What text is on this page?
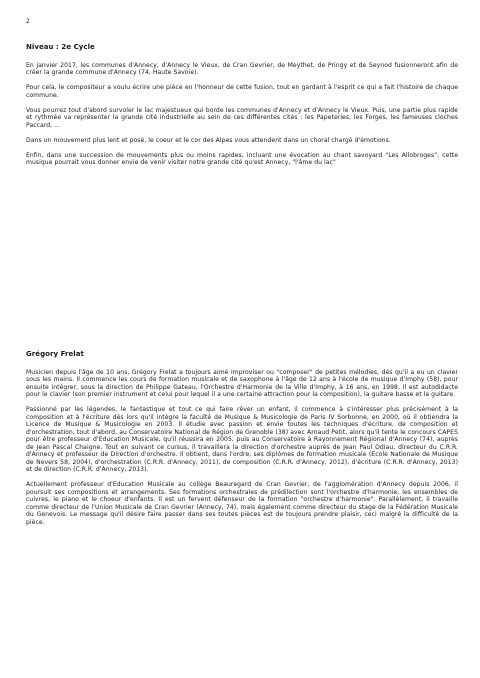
2
Niveau : 2e Cycle

En janvier 2017, les communes d'Annecy, d'Annecy le Vieux, de Cran Gevrier, de Meythet, de Pringy et de Seynod fusionneront afin de créer la grande commune d'Annecy (74, Haute Savoie).

Pour cela, le compositeur a voulu écrire une pièce en l'honneur de cette fusion, tout en gardant à l'esprit ce qui a fait l'histoire de chaque commune.

Vous pourrez tout d'abord survoler le lac majestueux qui borde les communes d'Annecy et d'Annecy le Vieux. Puis, une partie plus rapide et rythmée va représenter la grande cité industrielle au sein de ces différentes cités : les Papeteries, les Forges, les fameuses cloches Paccard, ...

Dans un mouvement plus lent et posé, le coeur et le cor des Alpes vous attendent dans un choral chargé d'émotions.

Enfin, dans une succession de mouvements plus ou moins rapides, incluant une évocation au chant savoyard "Les Allobroges", cette musique pourrait vous donner envie de venir visiter notre grande cité qu'est Annecy, "l'âme du lac"

Grégory Frelat

Musicien depuis l'âge de 10 ans, Grégory Frelat a toujours aimé improviser ou "composer" de petites mélodies, dès qu'il a eu un clavier sous les mains. Il commence les cours de formation musicale et de saxophone à l'âge de 12 ans à l'école de musique d'Imphy (58), pour ensuite intégrer, sous la direction de Philippe Gateau, l'Orchestre d'Harmonie de la Ville d'Imphy, à 16 ans, en 1998. Il est autodidacte pour le clavier (son premier instrument et celui pour lequel il a une certaine attraction pour la composition), la guitare basse et la guitare.

Passionné par les légendes, le fantastique et tout ce qui faire rêver un enfant, il commence à s'intéresser plus précisément à la composition et à l'écriture dès lors qu'il intègre la faculté de Musique & Musicologie de Paris IV Sorbonne, en 2000, où il obtiendra la Licence de Musique & Musicologie en 2003. Il étudie avec passion et envie toutes les techniques d'écriture, de composition et d'orchestration, tout d'abord, au Conservatoire National de Région de Grenoble (38) avec Arnaud Petit, alors qu'il tente le concours CAPES pour être professeur d'Education Musicale, qu'il réussira en 2005, puis au Conservatoire à Rayonnement Régional d'Annecy (74), auprès de Jean Pascal Chaigne. Tout en suivant ce cursus, il travaillera la direction d'orchestre auprès de Jean Paul Odiau, directeur du C.R.R. d'Annecy et professeur de Direction d'orchestre. Il obtient, dans l'ordre, ses diplômes de formation musicale (Ecole Nationale de Musique de Nevers 58, 2004), d'orchestration (C.R.R. d'Annecy, 2011), de composition (C.R.R. d'Annecy, 2012), d'écriture (C.R.R. d'Annecy, 2013) et de direction (C.R.R. d'Annecy, 2013).

Actuellement professeur d'Education Musicale au collège Beauregard de Cran Gevrier, de l'agglomération d'Annecy depuis 2006, il poursuit ses compositions et arrangements. Ses formations orchestrales de prédilection sont l'orchestre d'harmonie, les ensembles de cuivres, le piano et le choeur d'enfants. Il est un fervent défenseur de la formation "orchestre d'harmonie". Parallèlement, il travaille comme directeur de l'Union Musicale de Cran Gevrier (Annecy, 74), mais également comme directeur du stage de la Fédération Musicale du Genevois. Le message qu'il désire faire passer dans ses toutes pièces est de toujours prendre plaisir, ceci malgré la difficulté de la pièce.
